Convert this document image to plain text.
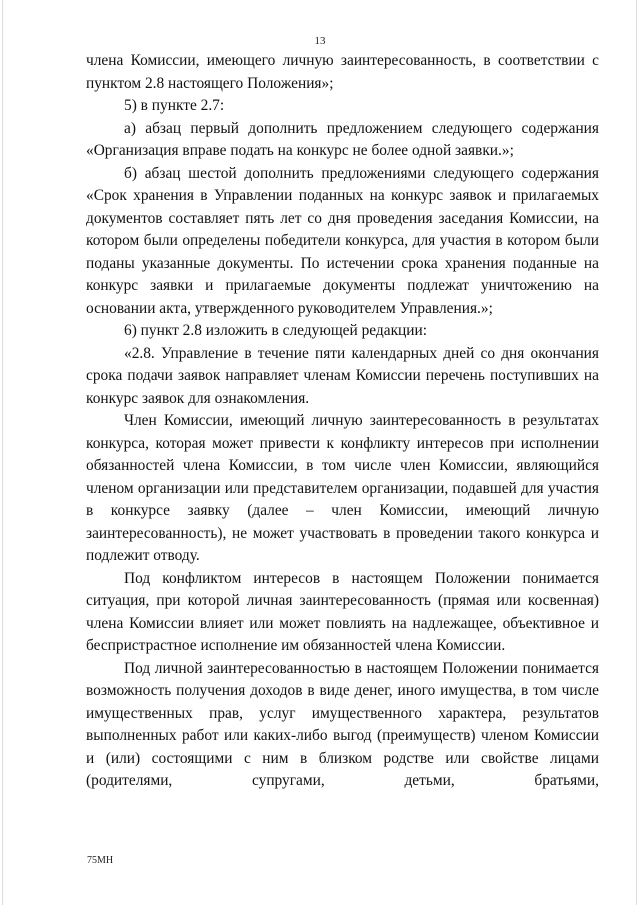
13

члена Комиссии, имеющего личную заинтересованность, в соответствии с пунктом 2.8 настоящего Положения»;

5) в пункте 2.7:

а) абзац первый дополнить предложением следующего содержания «Организация вправе подать на конкурс не более одной заявки.»;

б) абзац шестой дополнить предложениями следующего содержания «Срок хранения в Управлении поданных на конкурс заявок и прилагаемых документов составляет пять лет со дня проведения заседания Комиссии, на котором были определены победители конкурса, для участия в котором были поданы указанные документы. По истечении срока хранения поданные на конкурс заявки и прилагаемые документы подлежат уничтожению на основании акта, утвержденного руководителем Управления.»;

6) пункт 2.8 изложить в следующей редакции:

«2.8. Управление в течение пяти календарных дней со дня окончания срока подачи заявок направляет членам Комиссии перечень поступивших на конкурс заявок для ознакомления.

Член Комиссии, имеющий личную заинтересованность в результатах конкурса, которая может привести к конфликту интересов при исполнении обязанностей члена Комиссии, в том числе член Комиссии, являющийся членом организации или представителем организации, подавшей для участия в конкурсе заявку (далее – член Комиссии, имеющий личную заинтересованность), не может участвовать в проведении такого конкурса и подлежит отводу.

Под конфликтом интересов в настоящем Положении понимается ситуация, при которой личная заинтересованность (прямая или косвенная) члена Комиссии влияет или может повлиять на надлежащее, объективное и беспристрастное исполнение им обязанностей члена Комиссии.

Под личной заинтересованностью в настоящем Положении понимается возможность получения доходов в виде денег, иного имущества, в том числе имущественных прав, услуг имущественного характера, результатов выполненных работ или каких-либо выгод (преимуществ) членом Комиссии и (или) состоящими с ним в близком родстве или свойстве лицами (родителями, супругами, детьми, братьями,

75МН
